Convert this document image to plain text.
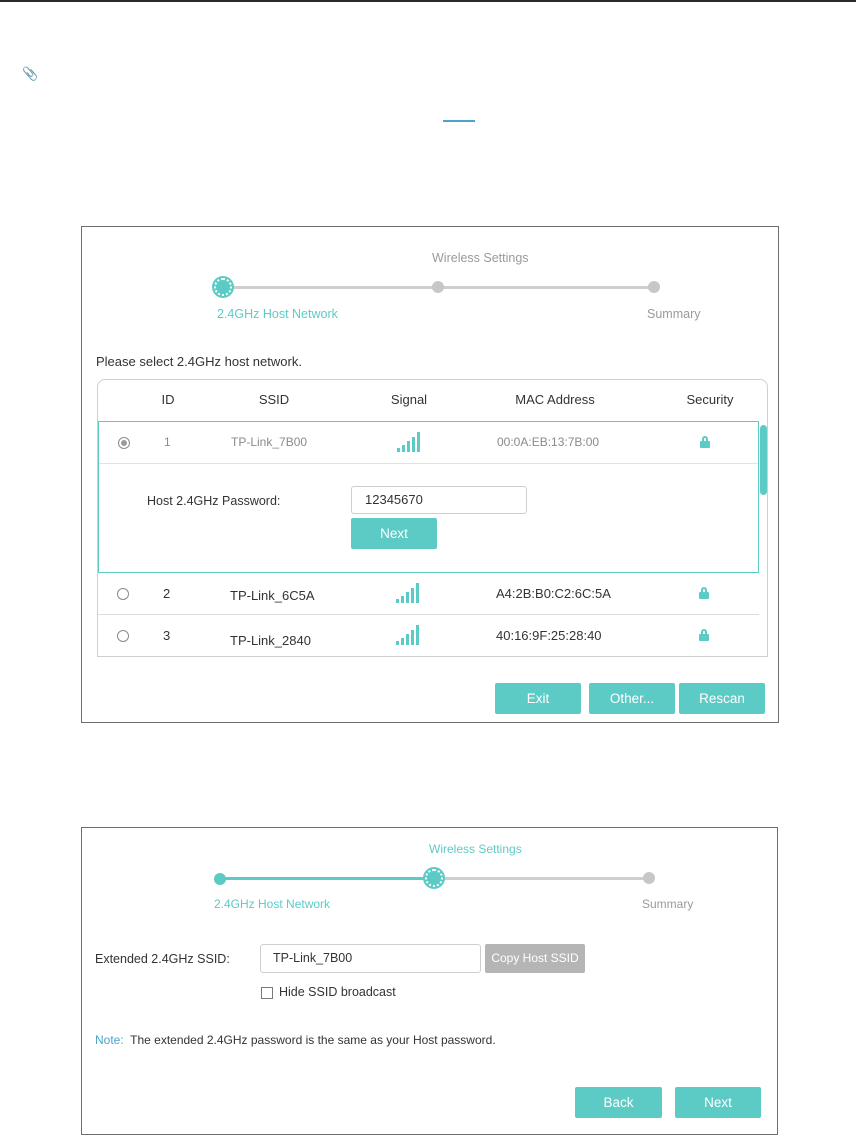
📎
2.4GHz Host Network
Wireless Settings
Summary
Please select 2.4GHz host network.
ID	SSID	Signal	MAC Address	Security
1	TP-Link_7B00	00:0A:EB:13:7B:00
Host 2.4GHz Password:	12345670
Next
2	TP-Link_6C5A	A4:2B:B0:C2:6C:5A
3	TP-Link_2840	40:16:9F:25:28:40
Exit	Other...	Rescan
2.4GHz Host Network
Wireless Settings
Summary
Extended 2.4GHz SSID:	TP-Link_7B00	Copy Host SSID
Hide SSID broadcast
Note: The extended 2.4GHz password is the same as your Host password.
Back	Next
